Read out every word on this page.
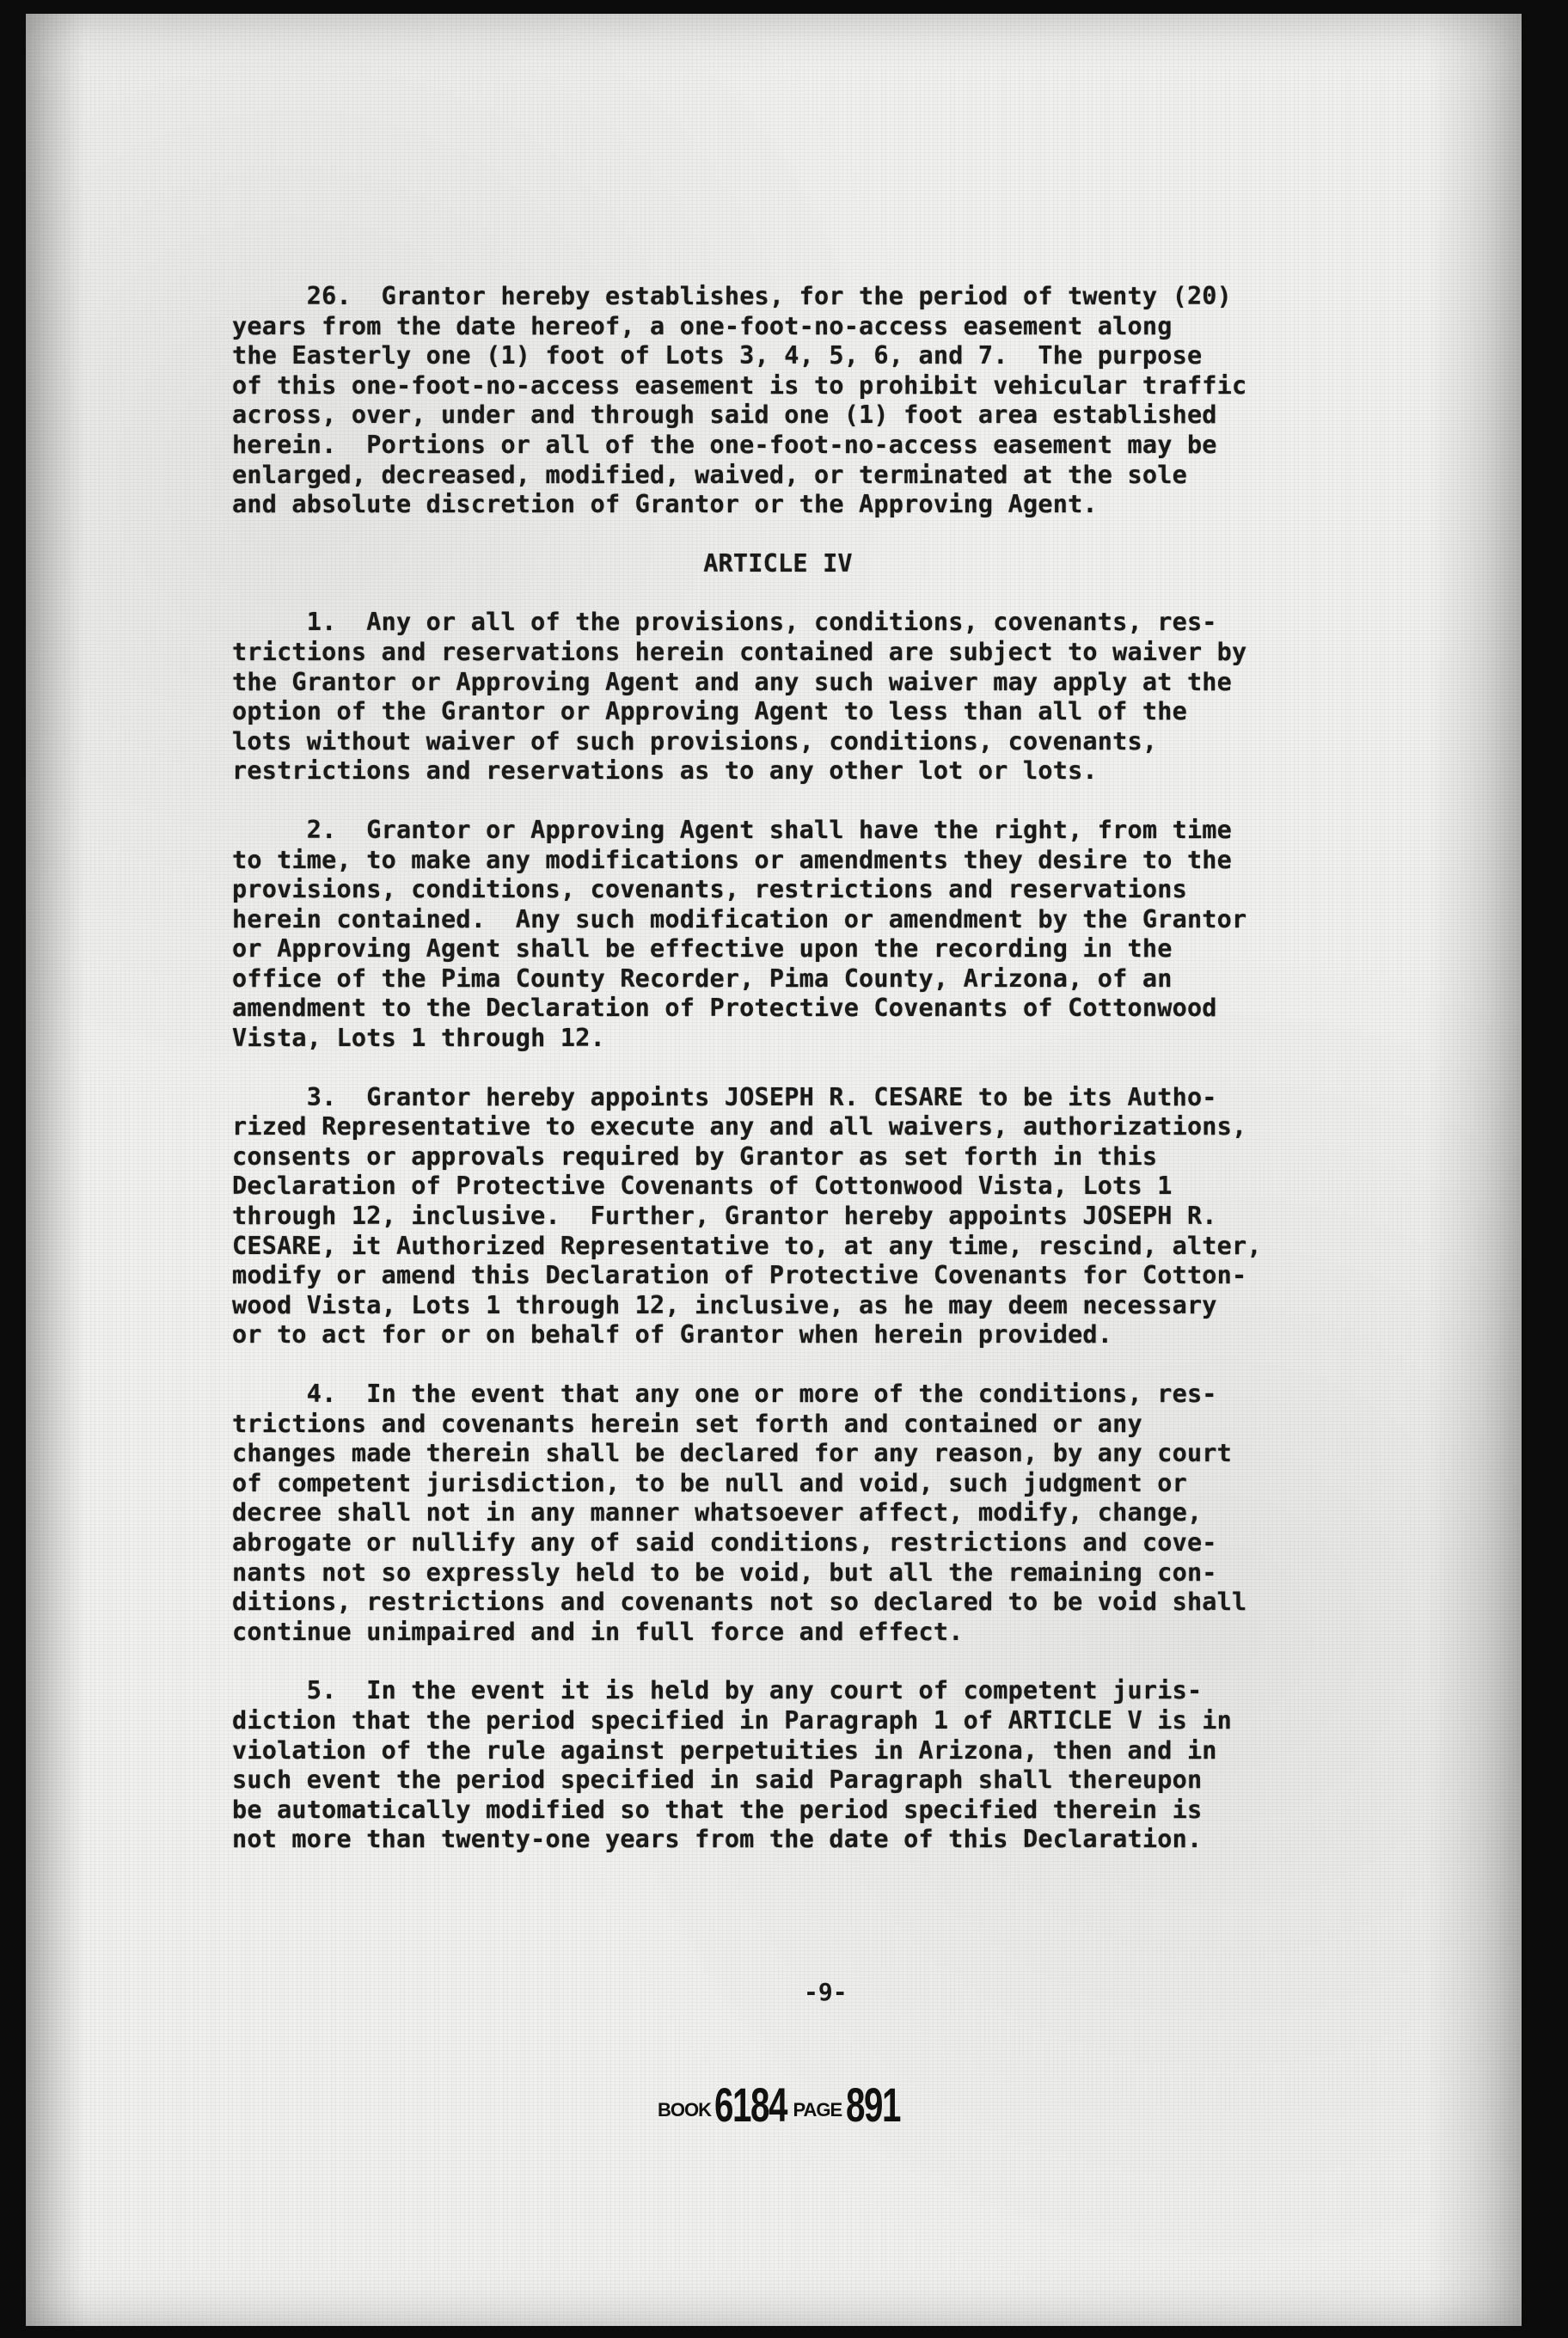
26.  Grantor hereby establishes, for the period of twenty (20)
years from the date hereof, a one-foot-no-access easement along
the Easterly one (1) foot of Lots 3, 4, 5, 6, and 7.  The purpose
of this one-foot-no-access easement is to prohibit vehicular traffic
across, over, under and through said one (1) foot area established
herein.  Portions or all of the one-foot-no-access easement may be
enlarged, decreased, modified, waived, or terminated at the sole
and absolute discretion of Grantor or the Approving Agent.

ARTICLE IV

1.  Any or all of the provisions, conditions, covenants, res-
trictions and reservations herein contained are subject to waiver by
the Grantor or Approving Agent and any such waiver may apply at the
option of the Grantor or Approving Agent to less than all of the
lots without waiver of such provisions, conditions, covenants,
restrictions and reservations as to any other lot or lots.

2.  Grantor or Approving Agent shall have the right, from time
to time, to make any modifications or amendments they desire to the
provisions, conditions, covenants, restrictions and reservations
herein contained.  Any such modification or amendment by the Grantor
or Approving Agent shall be effective upon the recording in the
office of the Pima County Recorder, Pima County, Arizona, of an
amendment to the Declaration of Protective Covenants of Cottonwood
Vista, Lots 1 through 12.

3.  Grantor hereby appoints JOSEPH R. CESARE to be its Autho-
rized Representative to execute any and all waivers, authorizations,
consents or approvals required by Grantor as set forth in this
Declaration of Protective Covenants of Cottonwood Vista, Lots 1
through 12, inclusive.  Further, Grantor hereby appoints JOSEPH R.
CESARE, it Authorized Representative to, at any time, rescind, alter,
modify or amend this Declaration of Protective Covenants for Cotton-
wood Vista, Lots 1 through 12, inclusive, as he may deem necessary
or to act for or on behalf of Grantor when herein provided.

4.  In the event that any one or more of the conditions, res-
trictions and covenants herein set forth and contained or any
changes made therein shall be declared for any reason, by any court
of competent jurisdiction, to be null and void, such judgment or
decree shall not in any manner whatsoever affect, modify, change,
abrogate or nullify any of said conditions, restrictions and cove-
nants not so expressly held to be void, but all the remaining con-
ditions, restrictions and covenants not so declared to be void shall
continue unimpaired and in full force and effect.

5.  In the event it is held by any court of competent juris-
diction that the period specified in Paragraph 1 of ARTICLE V is in
violation of the rule against perpetuities in Arizona, then and in
such event the period specified in said Paragraph shall thereupon
be automatically modified so that the period specified therein is
not more than twenty-one years from the date of this Declaration.

-9-
BOOK 6184 PAGE 891
